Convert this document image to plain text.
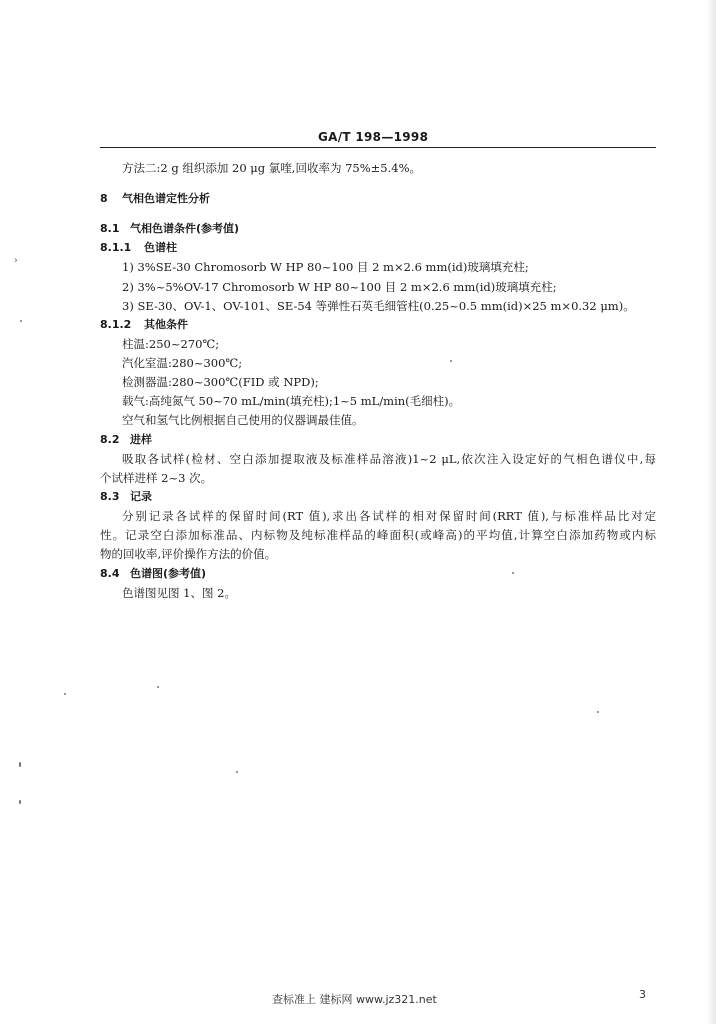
GA/T 198—1998
方法二:2 g 组织添加 20 μg 氯喹,回收率为 75%±5.4%。
8 气相色谱定性分析
8.1 气相色谱条件(参考值)
8.1.1 色谱柱
1) 3%SE-30 Chromosorb W HP 80~100 目 2 m×2.6 mm(id)玻璃填充柱;
2) 3%~5%OV-17 Chromosorb W HP 80~100 目 2 m×2.6 mm(id)玻璃填充柱;
3) SE-30、OV-1、OV-101、SE-54 等弹性石英毛细管柱(0.25~0.5 mm(id)×25 m×0.32 μm)。
8.1.2 其他条件
柱温:250~270℃;
汽化室温:280~300℃;
检测器温:280~300℃(FID 或 NPD);
载气:高纯氮气 50~70 mL/min(填充柱);1~5 mL/min(毛细柱)。
空气和氢气比例根据自己使用的仪器调最佳值。
8.2 进样
吸取各试样(检材、空白添加提取液及标准样品溶液)1~2 μL,依次注入设定好的气相色谱仪中,每
个试样进样 2~3 次。
8.3 记录
分别记录各试样的保留时间(RT 值),求出各试样的相对保留时间(RRT 值),与标准样品比对定
性。记录空白添加标准品、内标物及纯标准样品的峰面积(或峰高)的平均值,计算空白添加药物或内标
物的回收率,评价操作方法的价值。
8.4 色谱图(参考值)
色谱图见图 1、图 2。
›
查标准上 建标网 www.jz321.net	3
